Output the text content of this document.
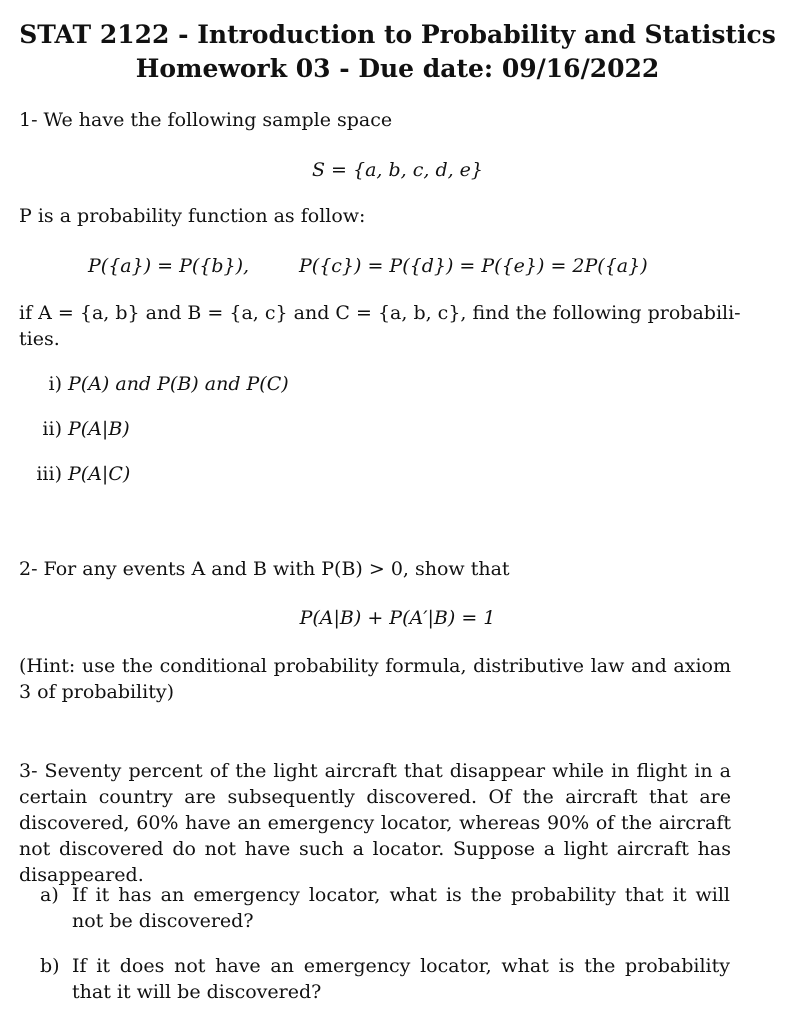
STAT 2122 - Introduction to Probability and Statistics
Homework 03 - Due date: 09/16/2022
1- We have the following sample space
S = {a, b, c, d, e}
P is a probability function as follow:
P({a}) = P({b}),	P({c}) = P({d}) = P({e}) = 2P({a})
if A = {a, b} and B = {a, c} and C = {a, b, c}, find the following probabili-
ties.
i) P(A) and P(B) and P(C)
ii) P(A|B)
iii) P(A|C)
2- For any events A and B with P(B) > 0, show that
P(A|B) + P(A′|B) = 1
(Hint: use the conditional probability formula, distributive law and axiom 3 of probability)
3- Seventy percent of the light aircraft that disappear while in flight in a certain country are subsequently discovered. Of the aircraft that are discovered, 60% have an emergency locator, whereas 90% of the aircraft not discovered do not have such a locator. Suppose a light aircraft has disappeared.
a) If it has an emergency locator, what is the probability that it will not be discovered?
b) If it does not have an emergency locator, what is the probability that it will be discovered?
